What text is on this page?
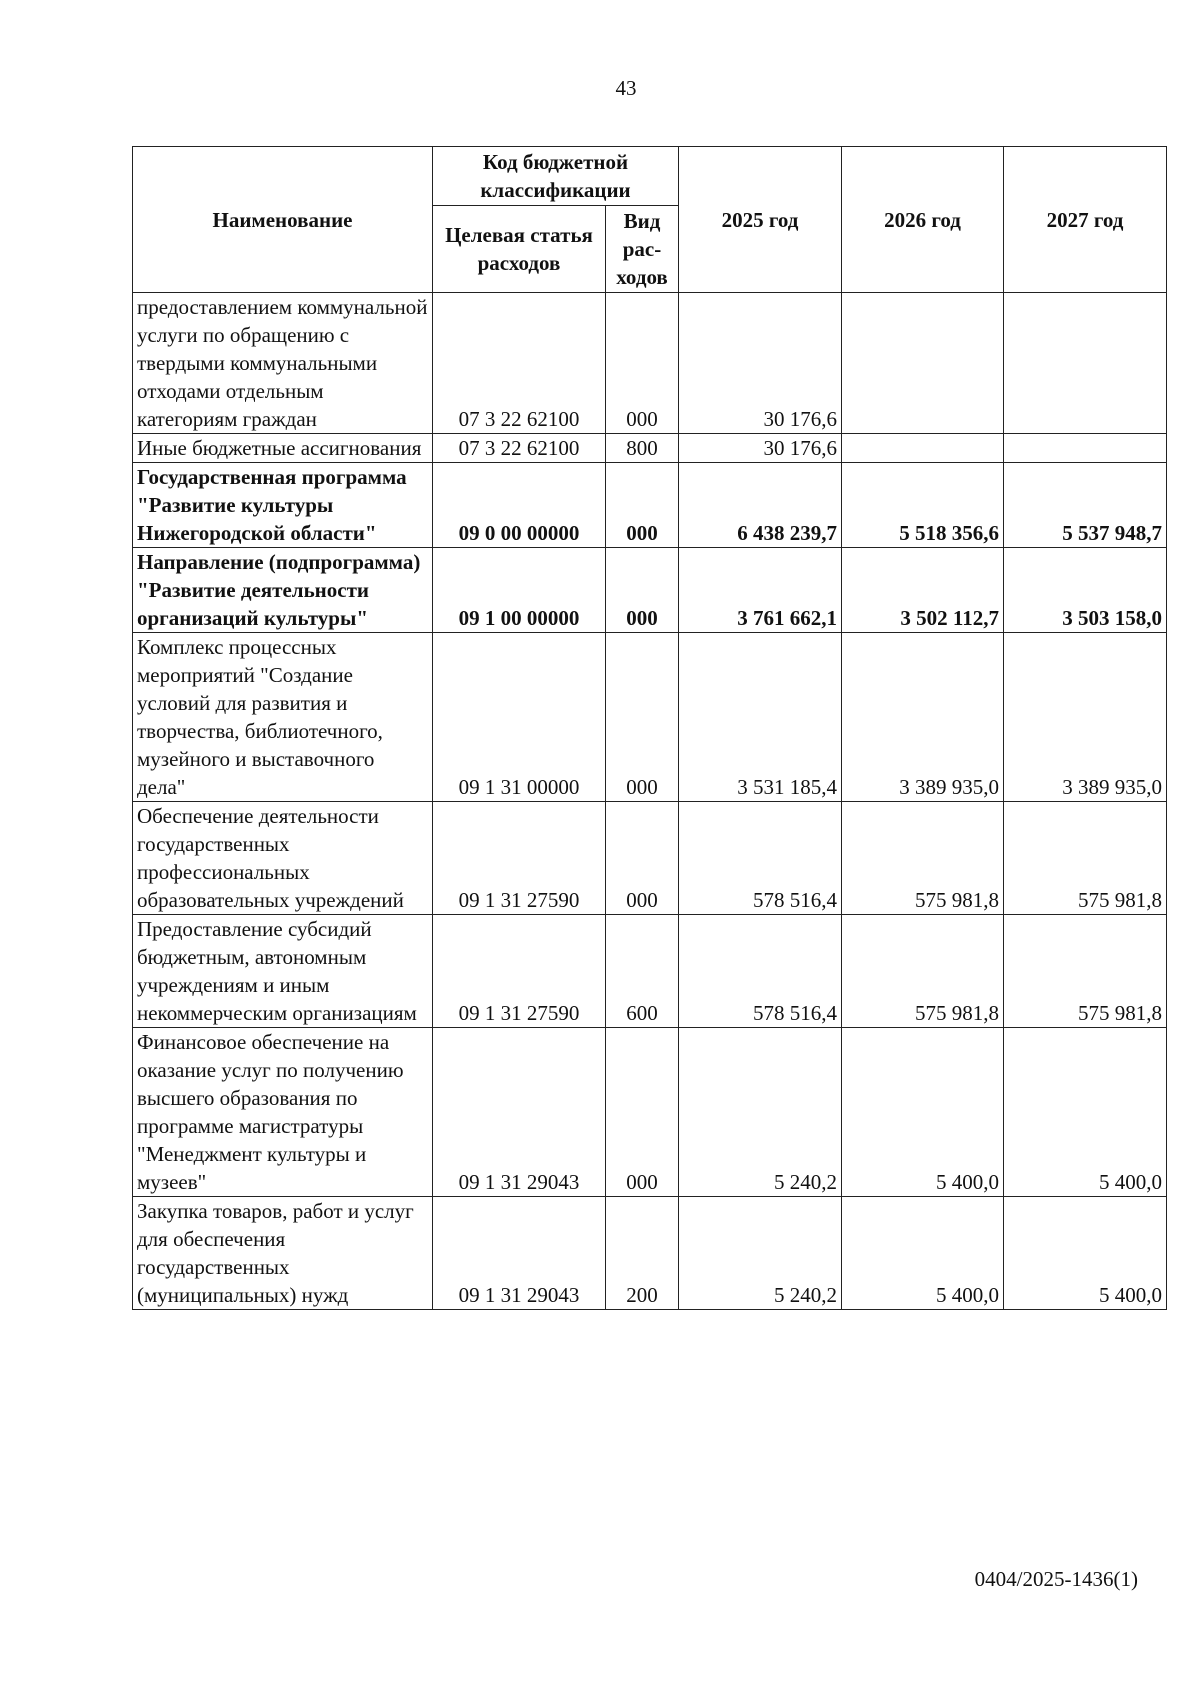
43
Наименование	Код бюджетной классификации		2025 год	2026 год	2027 год
	Целевая статья расходов	Вид рас-ходов			
предоставлением коммунальной услуги по обращению с твердыми коммунальными отходами отдельным категориям граждан	07 3 22 62100	000	30 176,6		
Иные бюджетные ассигнования	07 3 22 62100	800	30 176,6		
Государственная программа "Развитие культуры Нижегородской области"	09 0 00 00000	000	6 438 239,7	5 518 356,6	5 537 948,7
Направление (подпрограмма) "Развитие деятельности организаций культуры"	09 1 00 00000	000	3 761 662,1	3 502 112,7	3 503 158,0
Комплекс процессных мероприятий "Создание условий для развития и творчества, библиотечного, музейного и выставочного дела"	09 1 31 00000	000	3 531 185,4	3 389 935,0	3 389 935,0
Обеспечение деятельности государственных профессиональных образовательных учреждений	09 1 31 27590	000	578 516,4	575 981,8	575 981,8
Предоставление субсидий бюджетным, автономным учреждениям и иным некоммерческим организациям	09 1 31 27590	600	578 516,4	575 981,8	575 981,8
Финансовое обеспечение на оказание услуг по получению высшего образования по программе магистратуры "Менеджмент культуры и музеев"	09 1 31 29043	000	5 240,2	5 400,0	5 400,0
Закупка товаров, работ и услуг для обеспечения государственных (муниципальных) нужд	09 1 31 29043	200	5 240,2	5 400,0	5 400,0
0404/2025-1436(1)
